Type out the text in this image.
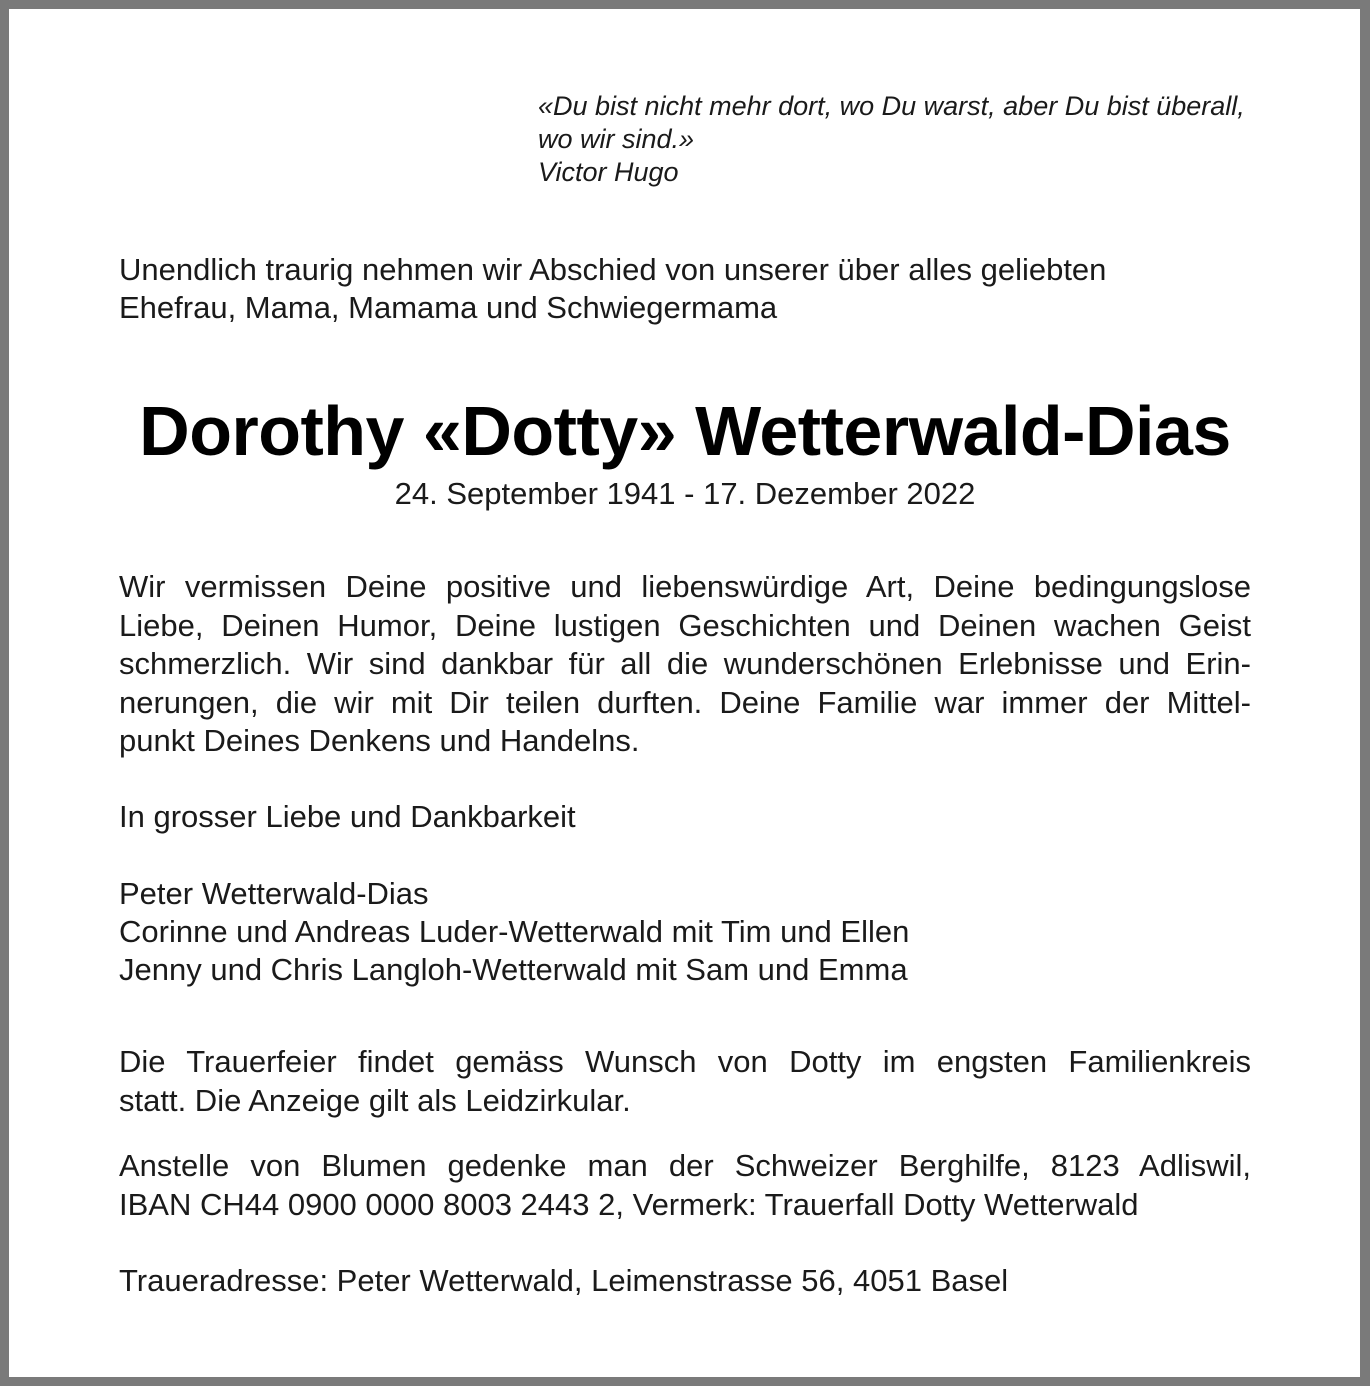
«Du bist nicht mehr dort, wo Du warst, aber Du bist überall,
wo wir sind.»
Victor Hugo
Unendlich traurig nehmen wir Abschied von unserer über alles geliebten
Ehefrau, Mama, Mamama und Schwiegermama
Dorothy «Dotty» Wetterwald-Dias
24. September 1941 - 17. Dezember 2022
Wir vermissen Deine positive und liebenswürdige Art, Deine bedingungslose
Liebe, Deinen Humor, Deine lustigen Geschichten und Deinen wachen Geist
schmerzlich. Wir sind dankbar für all die wunderschönen Erlebnisse und Erin-
nerungen, die wir mit Dir teilen durften. Deine Familie war immer der Mittel-
punkt Deines Denkens und Handelns.
In grosser Liebe und Dankbarkeit
Peter Wetterwald-Dias
Corinne und Andreas Luder-Wetterwald mit Tim und Ellen
Jenny und Chris Langloh-Wetterwald mit Sam und Emma
Die Trauerfeier findet gemäss Wunsch von Dotty im engsten Familienkreis
statt. Die Anzeige gilt als Leidzirkular.
Anstelle von Blumen gedenke man der Schweizer Berghilfe, 8123 Adliswil,
IBAN CH44 0900 0000 8003 2443 2, Vermerk: Trauerfall Dotty Wetterwald
Traueradresse: Peter Wetterwald, Leimenstrasse 56, 4051 Basel
